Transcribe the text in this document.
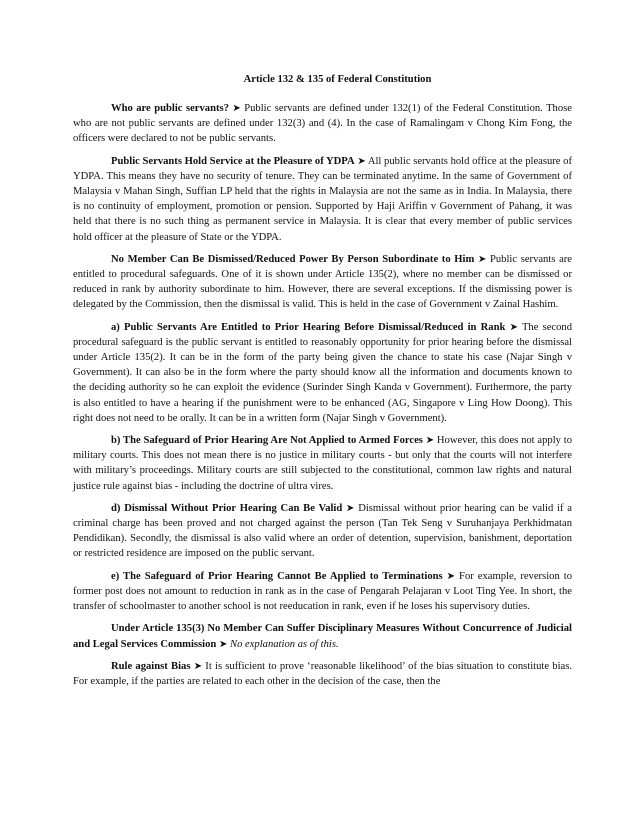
Article 132 & 135 of Federal Constitution

Who are public servants? ➤ Public servants are defined under 132(1) of the Federal Constitution. Those who are not public servants are defined under 132(3) and (4). In the case of Ramalingam v Chong Kim Fong, the officers were declared to not be public servants.

Public Servants Hold Service at the Pleasure of YDPA ➤ All public servants hold office at the pleasure of YDPA. This means they have no security of tenure. They can be terminated anytime. In the same of Government of Malaysia v Mahan Singh, Suffian LP held that the rights in Malaysia are not the same as in India. In Malaysia, there is no continuity of employment, promotion or pension. Supported by Haji Ariffin v Government of Pahang, it was held that there is no such thing as permanent service in Malaysia. It is clear that every member of public services hold officer at the pleasure of State or the YDPA.

No Member Can Be Dismissed/Reduced Power By Person Subordinate to Him ➤ Public servants are entitled to procedural safeguards. One of it is shown under Article 135(2), where no member can be dismissed or reduced in rank by authority subordinate to him. However, there are several exceptions. If the dismissing power is delegated by the Commission, then the dismissal is valid. This is held in the case of Government v Zainal Hashim.

a) Public Servants Are Entitled to Prior Hearing Before Dismissal/Reduced in Rank ➤ The second procedural safeguard is the public servant is entitled to reasonably opportunity for prior hearing before the dismissal under Article 135(2). It can be in the form of the party being given the chance to state his case (Najar Singh v Government). It can also be in the form where the party should know all the information and documents known to the deciding authority so he can exploit the evidence (Surinder Singh Kanda v Government). Furthermore, the party is also entitled to have a hearing if the punishment were to be enhanced (AG, Singapore v Ling How Doong). This right does not need to be orally. It can be in a written form (Najar Singh v Government).

b) The Safeguard of Prior Hearing Are Not Applied to Armed Forces ➤ However, this does not apply to military courts. This does not mean there is no justice in military courts - but only that the courts will not interfere with military’s proceedings. Military courts are still subjected to the constitutional, common law rights and natural justice rule against bias - including the doctrine of ultra vires.

d) Dismissal Without Prior Hearing Can Be Valid ➤ Dismissal without prior hearing can be valid if a criminal charge has been proved and not charged against the person (Tan Tek Seng v Suruhanjaya Perkhidmatan Pendidikan). Secondly, the dismissal is also valid where an order of detention, supervision, banishment, deportation or restricted residence are imposed on the public servant.

e) The Safeguard of Prior Hearing Cannot Be Applied to Terminations ➤ For example, reversion to former post does not amount to reduction in rank as in the case of Pengarah Pelajaran v Loot Ting Yee. In short, the transfer of schoolmaster to another school is not reeducation in rank, even if he loses his supervisory duties.

Under Article 135(3) No Member Can Suffer Disciplinary Measures Without Concurrence of Judicial and Legal Services Commission ➤ No explanation as of this.

Rule against Bias ➤ It is sufficient to prove ‘reasonable likelihood’ of the bias situation to constitute bias. For example, if the parties are related to each other in the decision of the case, then the
